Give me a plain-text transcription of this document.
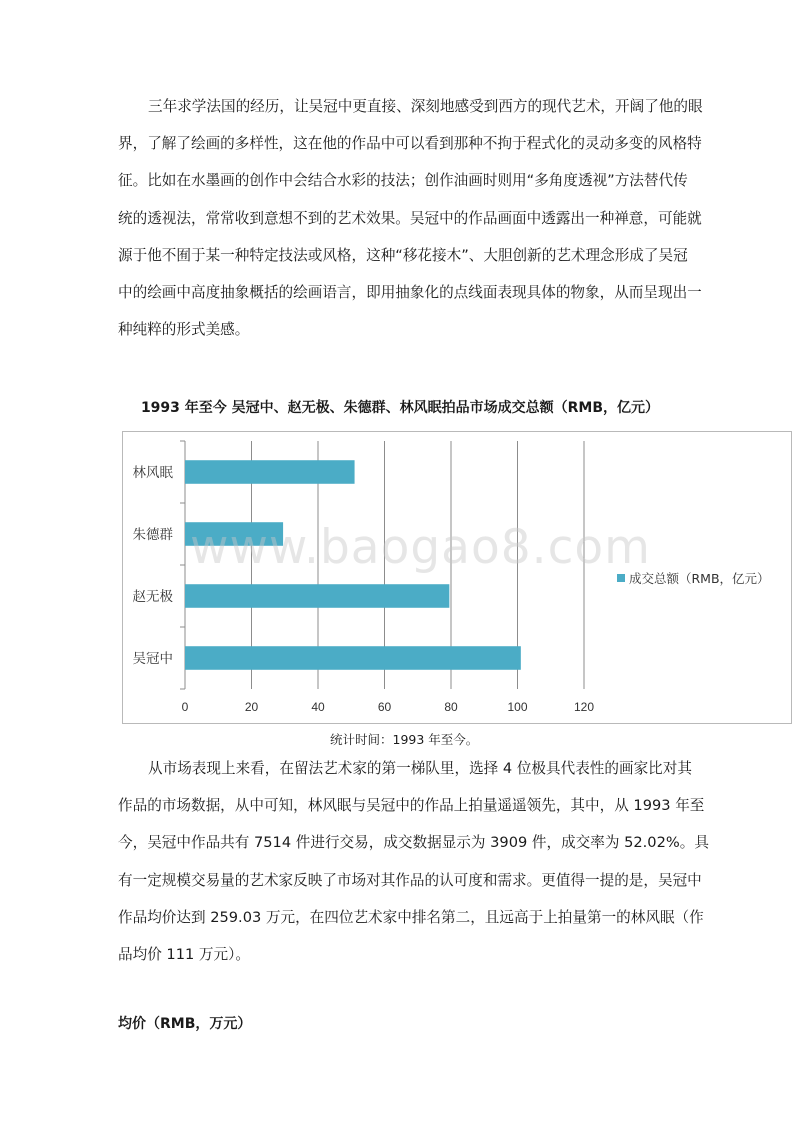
三年求学法国的经历，让吴冠中更直接、深刻地感受到西方的现代艺术，开阔了他的眼
界，了解了绘画的多样性，这在他的作品中可以看到那种不拘于程式化的灵动多变的风格特
征。比如在水墨画的创作中会结合水彩的技法；创作油画时则用“多角度透视”方法替代传
统的透视法，常常收到意想不到的艺术效果。吴冠中的作品画面中透露出一种禅意，可能就
源于他不囿于某一种特定技法或风格，这种“移花接木”、大胆创新的艺术理念形成了吴冠
中的绘画中高度抽象概括的绘画语言，即用抽象化的点线面表现具体的物象，从而呈现出一
种纯粹的形式美感。

1993 年至今 吴冠中、赵无极、朱德群、林风眠拍品市场成交总额（RMB，亿元）

0	20	40	60	80	100	120
吴冠中
赵无极
朱德群
林风眠
成交总额（RMB，亿元）
www.baogao8.com

统计时间：1993 年至今。

从市场表现上来看，在留法艺术家的第一梯队里，选择 4 位极具代表性的画家比对其
作品的市场数据，从中可知，林风眠与吴冠中的作品上拍量遥遥领先，其中，从 1993 年至
今，吴冠中作品共有 7514 件进行交易，成交数据显示为 3909 件，成交率为 52.02%。具
有一定规模交易量的艺术家反映了市场对其作品的认可度和需求。更值得一提的是，吴冠中
作品均价达到 259.03 万元，在四位艺术家中排名第二，且远高于上拍量第一的林风眠（作
品均价 111 万元）。

均价（RMB，万元）
